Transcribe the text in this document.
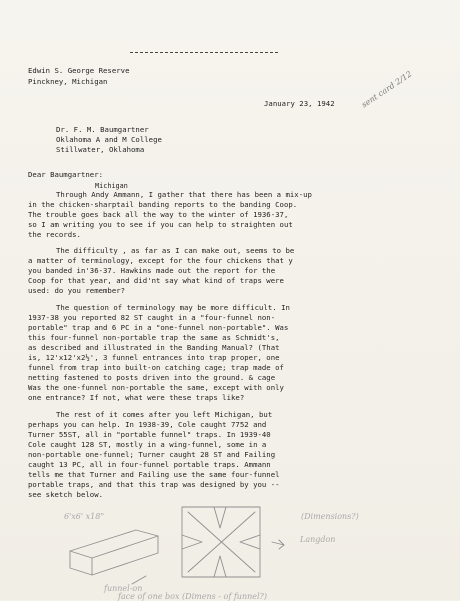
Edwin S. George Reserve
Pinckney, Michigan
January 23, 1942	sent card 2/12
Dr. F. M. Baumgartner
Oklahoma A and M College
Stillwater, Oklahoma
Dear Baumgartner:
Michigan
Through Andy Ammann, I gather that there has been a mix-up
in the chicken-sharptail banding reports to the banding Coop.
The trouble goes back all the way to the winter of 1936-37,
so I am writing you to see if you can help to straighten out
the records.
The difficulty , as far as I can make out, seems to be
a matter of terminology, except for the four chickens that y
you banded in'36-37. Hawkins made out the report for the
Coop for that year, and did'nt say what kind of traps were
used: do you remember?
The question of terminology may be more difficult. In
1937-38 you reported 82 ST caught in a "four-funnel non-
portable" trap and 6 PC in a "one-funnel non-portable". Was
this four-funnel non-portable trap the same as Schmidt's,
as described and illustrated in the Banding Manual? (That
is, 12'x12'x2½', 3 funnel entrances into trap proper, one
funnel from trap into built-on catching cage; trap made of
netting fastened to posts driven into the ground. & cage
Was the one-funnel non-portable the same, except with only
one entrance? If not, what were these traps like?
The rest of it comes after you left Michigan, but
perhaps you can help. In 1938-39, Cole caught 7752 and
Turner 55ST, all in "portable funnel" traps. In 1939-40
Cole caught 128 ST, mostly in a wing-funnel, some in a
non-portable one-funnel; Turner caught 28 ST and Failing
caught 13 PC, all in four-funnel portable traps. Ammann
tells me that Turner and Failing use the same four-funnel
portable traps, and that this trap was designed by you --
see sketch below.
6'x6' x18"	(Dimensions?)
Langdon
funnel-on
face of one box (Dimens - of funnel?)
